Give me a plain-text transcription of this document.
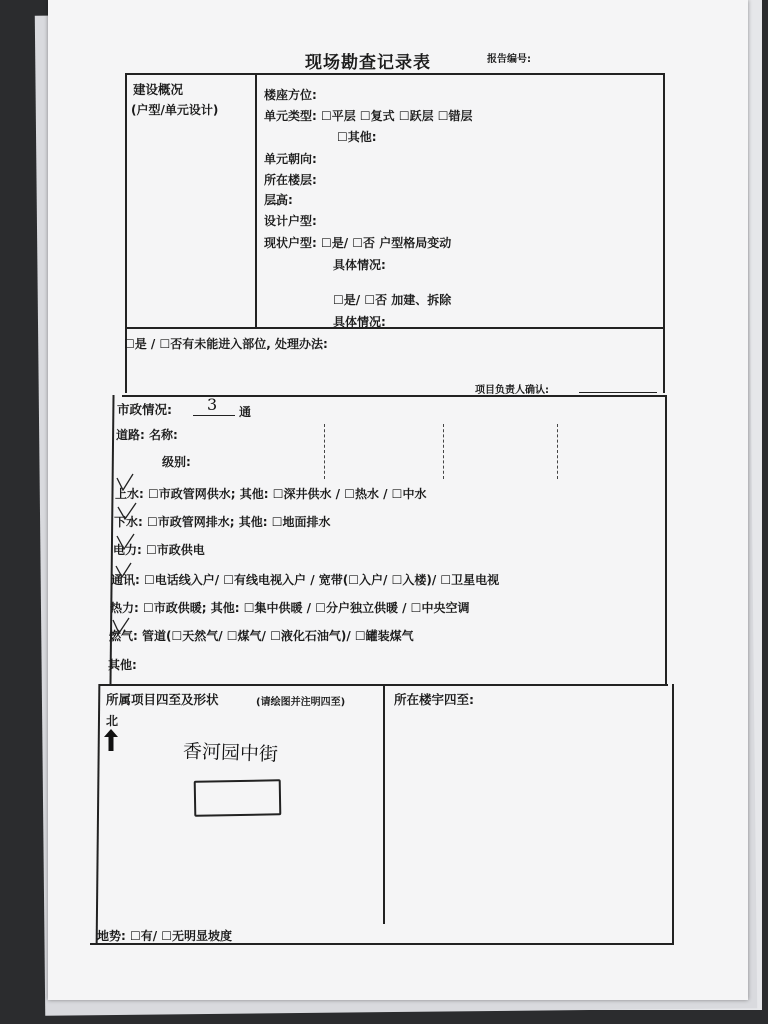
现场勘查记录表	报告编号:
建设概况
(户型/单元设计)
楼座方位:
单元类型: ☐平层 ☐复式 ☐跃层 ☐错层
☐其他:
单元朝向:
所在楼层:
层高:
设计户型:
现状户型: ☐是/ ☐否 户型格局变动
具体情况:
☐是/ ☐否 加建、拆除
具体情况:
☐是 / ☐否有未能进入部位, 处理办法:
项目负责人确认:
市政情况: 3 通
道路: 名称:
级别:
上水: ☐市政管网供水; 其他: ☐深井供水 / ☐热水 / ☐中水
下水: ☐市政管网排水; 其他: ☐地面排水
电力: ☐市政供电
通讯: ☐电话线入户/ ☐有线电视入户 / 宽带(☐入户/ ☐入楼)/ ☐卫星电视
热力: ☐市政供暖; 其他: ☐集中供暖 / ☐分户独立供暖 / ☐中央空调
燃气: 管道(☐天然气/ ☐煤气/ ☐液化石油气)/ ☐罐装煤气
其他:
所属项目四至及形状	(请绘图并注明四至)
北
香河园中街
所在楼宇四至:
地势: ☐有/ ☐无明显坡度
